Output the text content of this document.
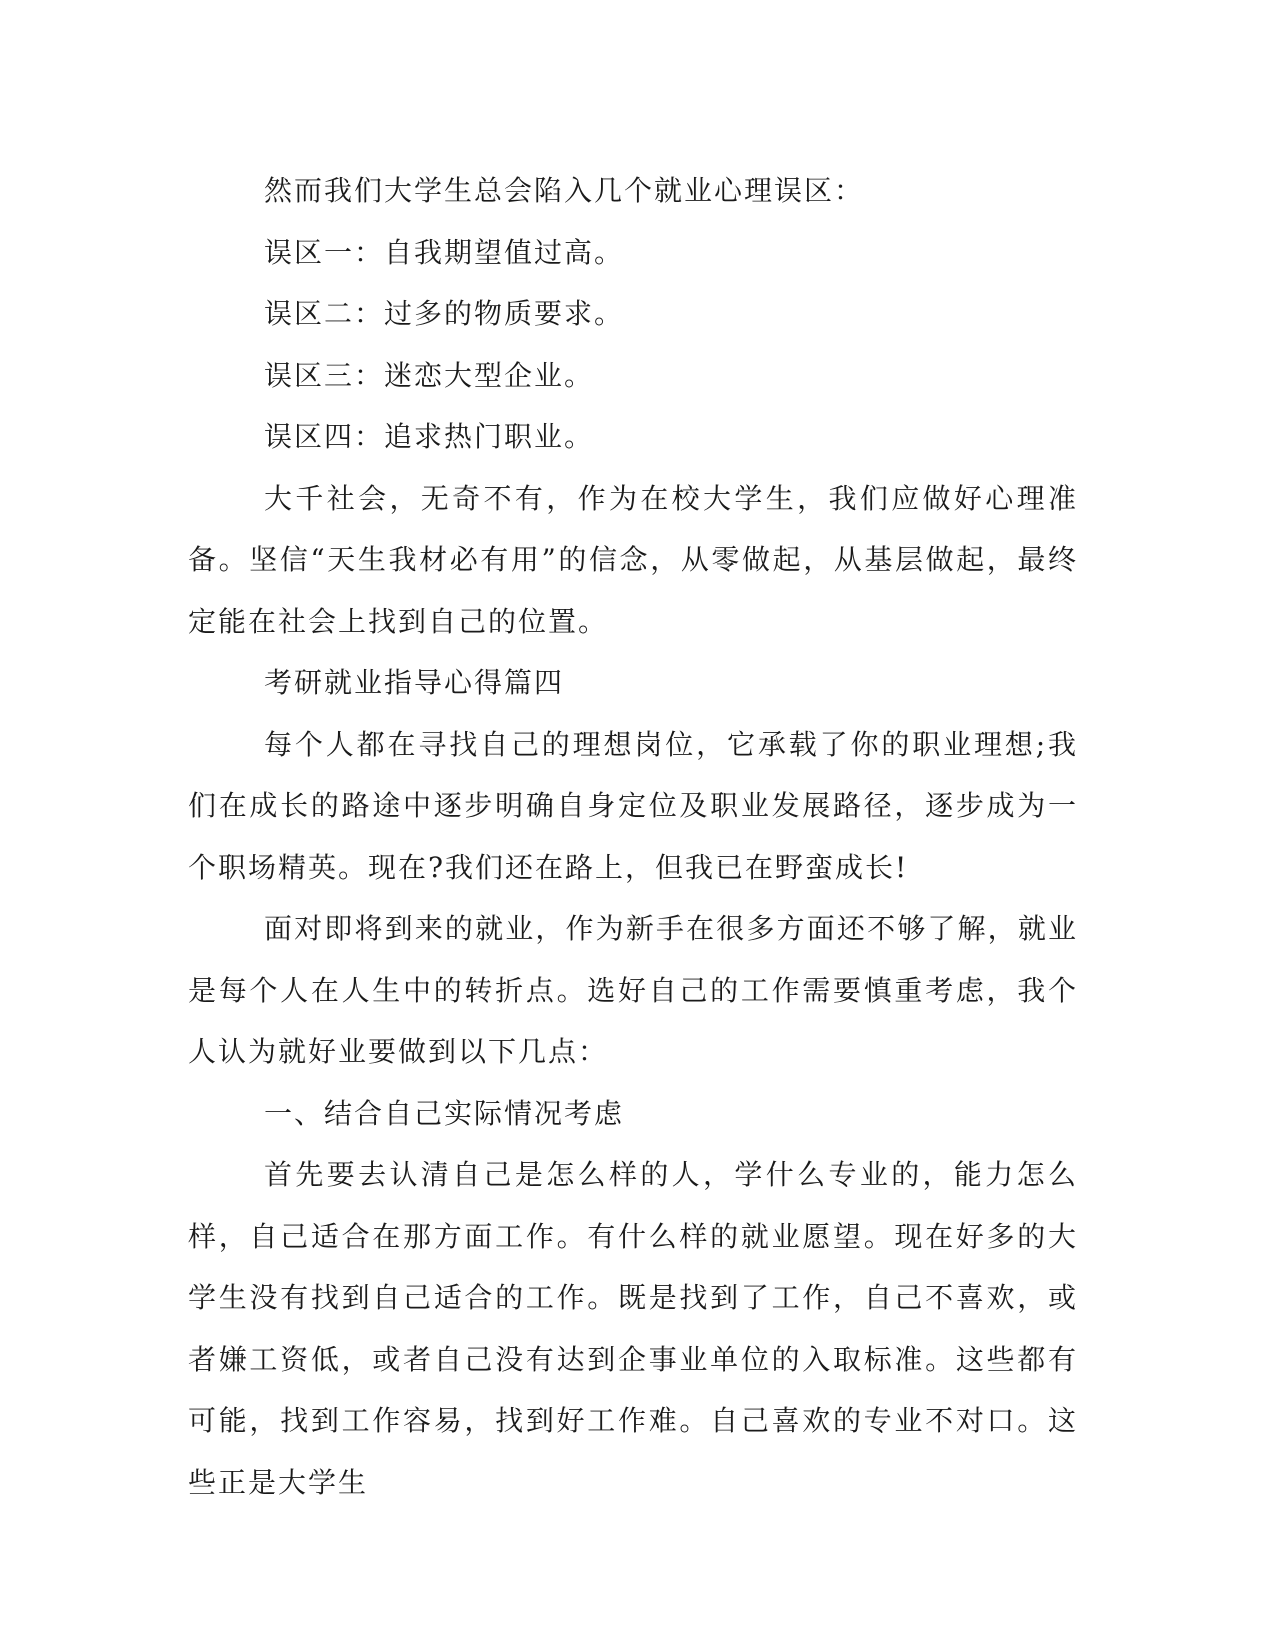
然而我们大学生总会陷入几个就业心理误区：

误区一：自我期望值过高。

误区二：过多的物质要求。

误区三：迷恋大型企业。

误区四：追求热门职业。

大千社会，无奇不有，作为在校大学生，我们应做好心理准备。坚信“天生我材必有用”的信念，从零做起，从基层做起，最终定能在社会上找到自己的位置。

考研就业指导心得篇四

每个人都在寻找自己的理想岗位，它承载了你的职业理想;我们在成长的路途中逐步明确自身定位及职业发展路径，逐步成为一个职场精英。现在?我们还在路上，但我已在野蛮成长!

面对即将到来的就业，作为新手在很多方面还不够了解，就业是每个人在人生中的转折点。选好自己的工作需要慎重考虑，我个人认为就好业要做到以下几点：

一、结合自己实际情况考虑

首先要去认清自己是怎么样的人，学什么专业的，能力怎么样，自己适合在那方面工作。有什么样的就业愿望。现在好多的大学生没有找到自己适合的工作。既是找到了工作，自己不喜欢，或者嫌工资低，或者自己没有达到企事业单位的入取标准。这些都有可能，找到工作容易，找到好工作难。自己喜欢的专业不对口。这些正是大学生
